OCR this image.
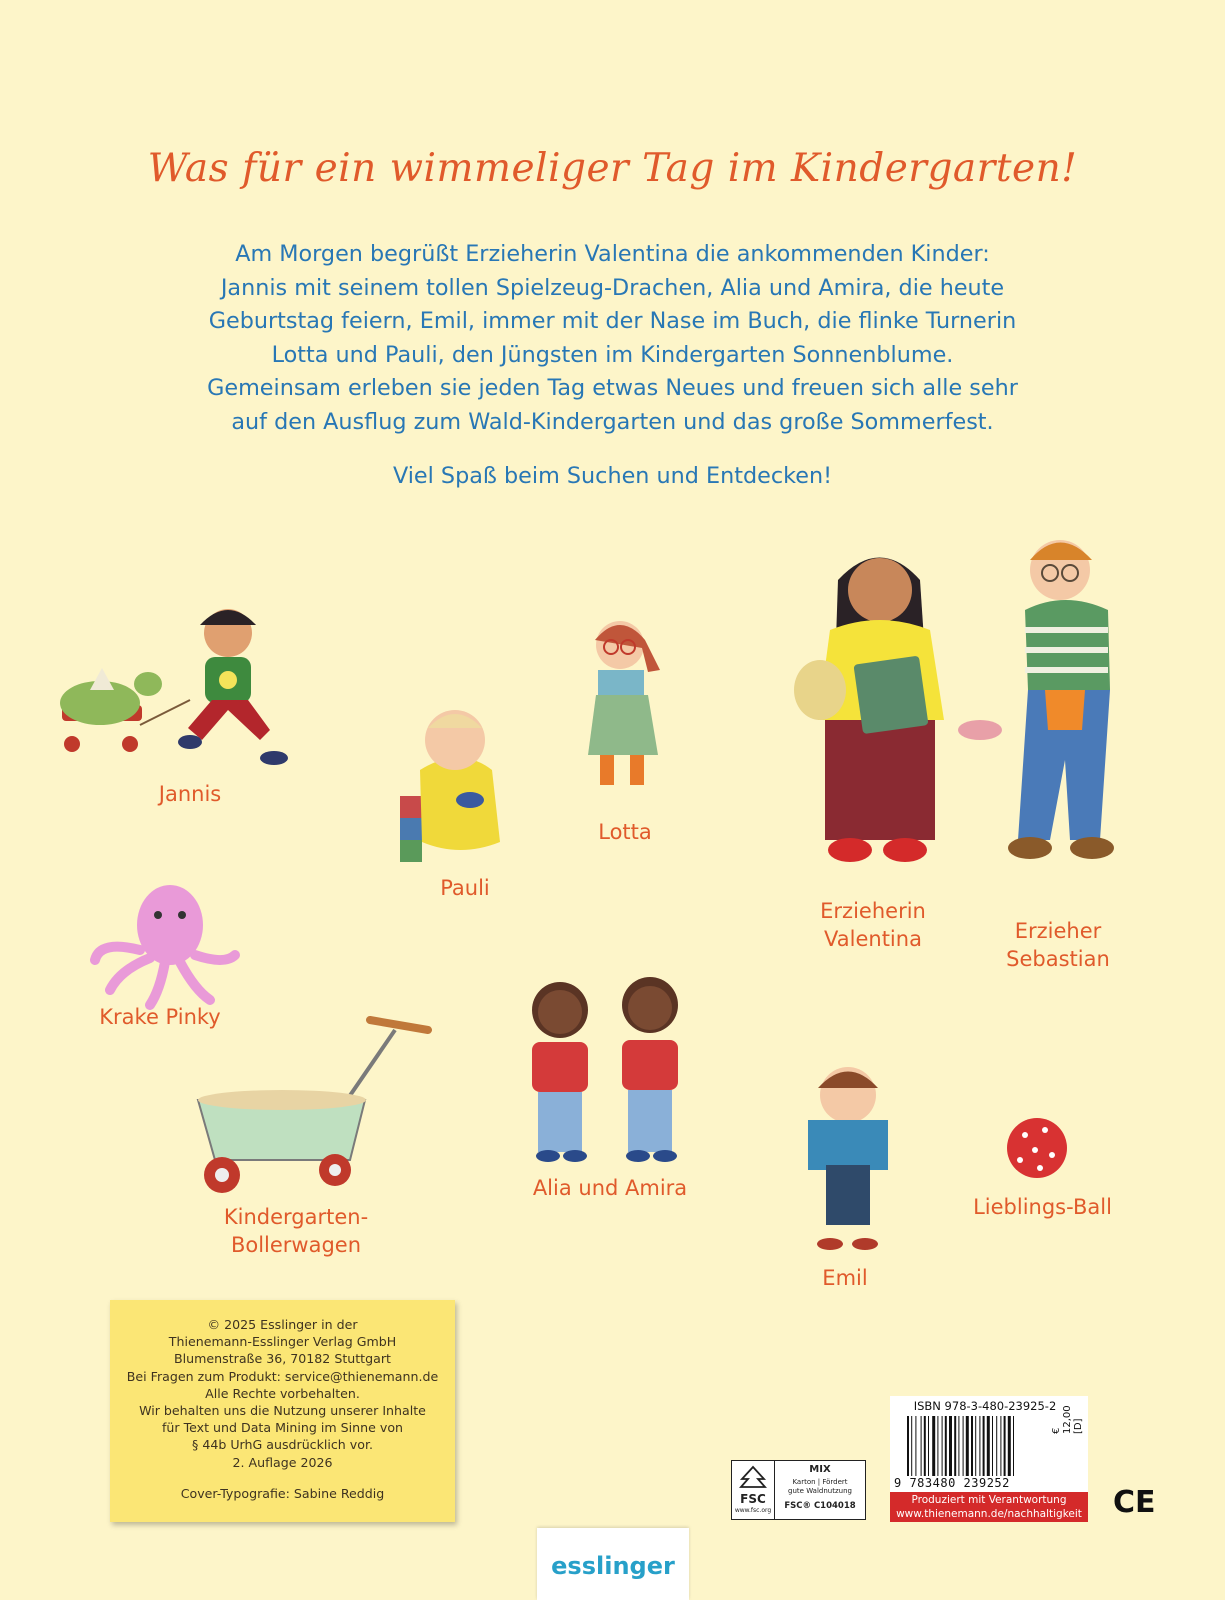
Was für ein wimmeliger Tag im Kindergarten!

Am Morgen begrüßt Erzieherin Valentina die ankommenden Kinder:

Jannis mit seinem tollen Spielzeug-Drachen, Alia und Amira, die heute

Geburtstag feiern, Emil, immer mit der Nase im Buch, die flinke Turnerin

Lotta und Pauli, den Jüngsten im Kindergarten Sonnenblume.

Gemeinsam erleben sie jeden Tag etwas Neues und freuen sich alle sehr

auf den Ausflug zum Wald-Kindergarten und das große Sommerfest.

Viel Spaß beim Suchen und Entdecken!

Jannis
Pauli
Lotta
Erzieherin
Valentina	Erzieher
Sebastian
Krake Pinky
Kindergarten-
Bollerwagen
Alia und Amira
Emil
Lieblings-Ball
© 2025 Esslinger in der
Thienemann-Esslinger Verlag GmbH
Blumenstraße 36, 70182 Stuttgart
Bei Fragen zum Produkt: service@thienemann.de
Alle Rechte vorbehalten.
Wir behalten uns die Nutzung unserer Inhalte
für Text und Data Mining im Sinne von
§ 44b UrhG ausdrücklich vor.
2. Auflage 2026
Cover-Typografie: Sabine Reddig	FSC
www.fsc.org
MIX
Karton | Fördert
gute Waldnutzung
FSC® C104018
ISBN 978-3-480-23925-2
9 783480 239252
€ 12,00 [D]
Produziert mit Verantwortung
www.thienemann.de/nachhaltigkeit CE
esslinger
